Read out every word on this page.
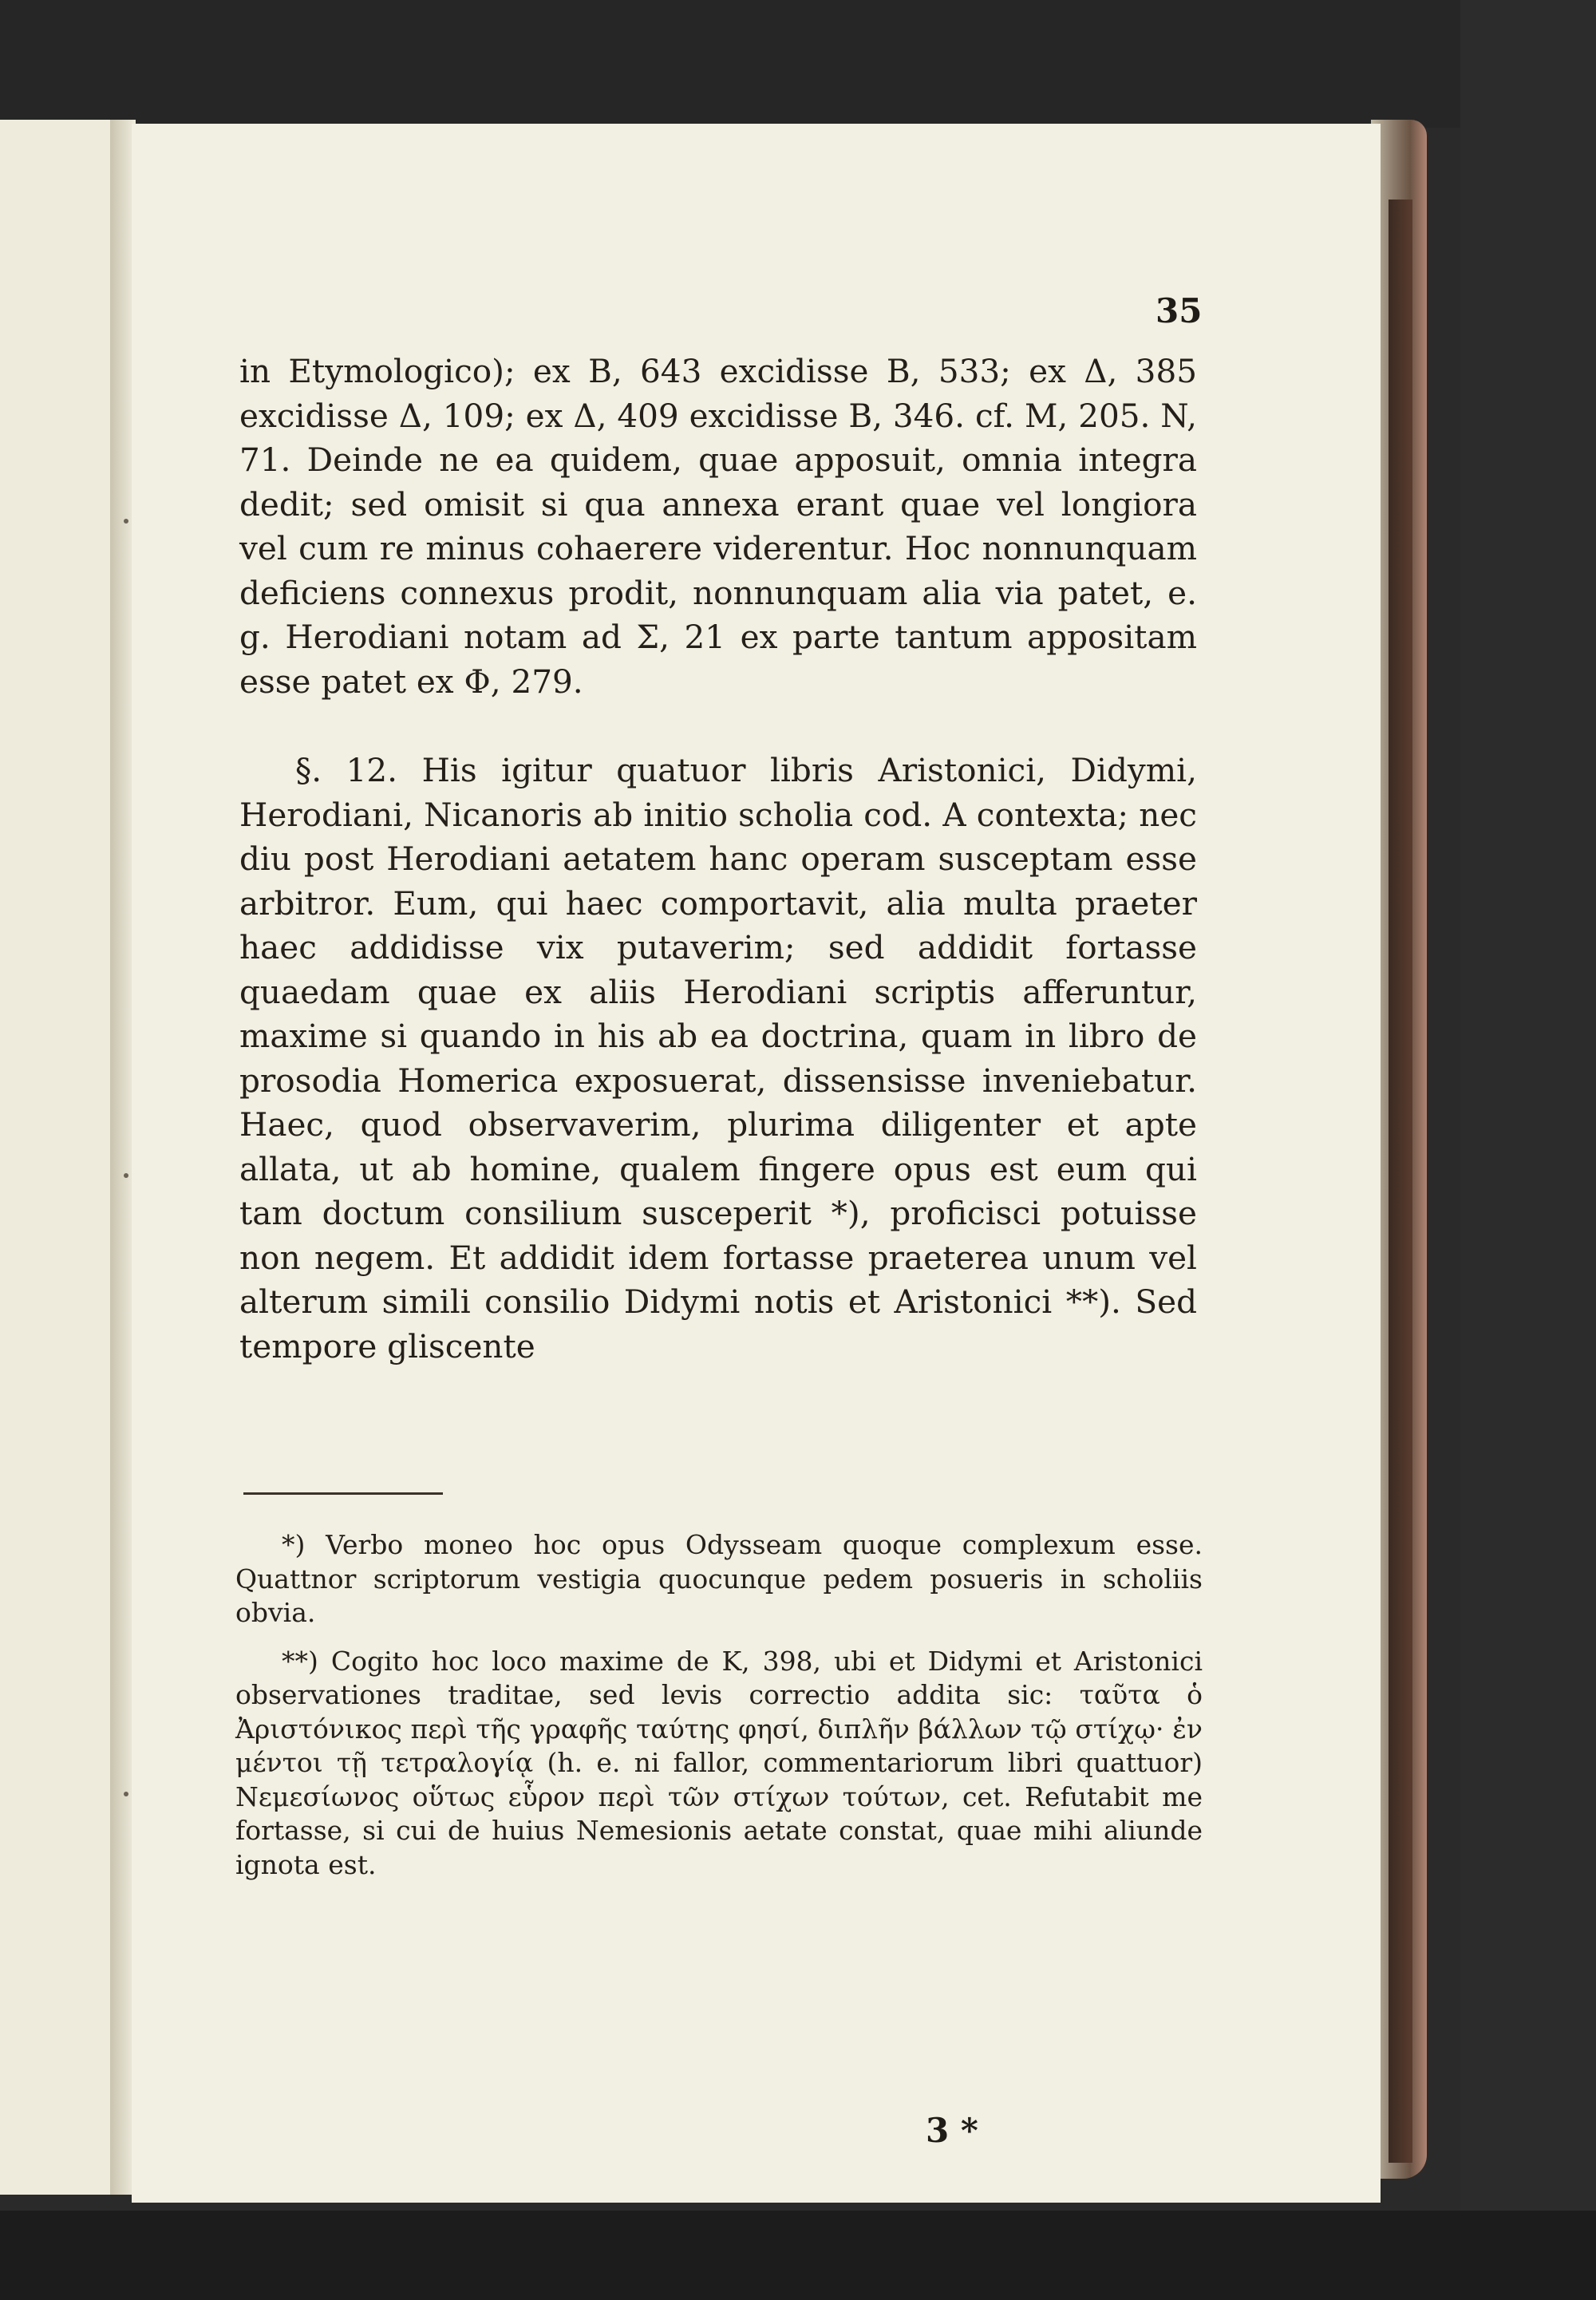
35

in Etymologico); ex B, 643 excidisse B, 533; ex Δ, 385 excidisse Δ, 109; ex Δ, 409 excidisse B, 346. cf. M, 205. N, 71. Deinde ne ea quidem, quae apposuit, omnia integra dedit; sed omisit si qua annexa erant quae vel longiora vel cum re minus cohaerere viderentur. Hoc nonnunquam deficiens connexus prodit, nonnunquam alia via patet, e. g. Herodiani notam ad Σ, 21 ex parte tantum appositam esse patet ex Φ, 279.

§. 12. His igitur quatuor libris Aristonici, Didymi, Herodiani, Nicanoris ab initio scholia cod. A contexta; nec diu post Herodiani aetatem hanc operam susceptam esse arbitror. Eum, qui haec comportavit, alia multa praeter haec addidisse vix putaverim; sed addidit fortasse quaedam quae ex aliis Herodiani scriptis afferuntur, maxime si quando in his ab ea doctrina, quam in libro de prosodia Homerica exposuerat, dissensisse inveniebatur. Haec, quod observaverim, plurima diligenter et apte allata, ut ab homine, qualem fingere opus est eum qui tam doctum consilium susceperit *), proficisci potuisse non negem. Et addidit idem fortasse praeterea unum vel alterum simili consilio Didymi notis et Aristonici **). Sed tempore gliscente

*) Verbo moneo hoc opus Odysseam quoque complexum esse. Quattnor scriptorum vestigia quocunque pedem posueris in scholiis obvia.

**) Cogito hoc loco maxime de K, 398, ubi et Didymi et Aristonici observationes traditae, sed levis correctio addita sic: ταῦτα ὁ Ἀριστόνικος περὶ τῆς γραφῆς ταύτης φησί, διπλῆν βάλλων τῷ στίχῳ· ἐν μέντοι τῇ τετραλογίᾳ (h. e. ni fallor, commentariorum libri quattuor) Νεμεσίωνος οὕτως εὗρον περὶ τῶν στίχων τούτων, cet. Refutabit me fortasse, si cui de huius Nemesionis aetate constat, quae mihi aliunde ignota est.

3 *
